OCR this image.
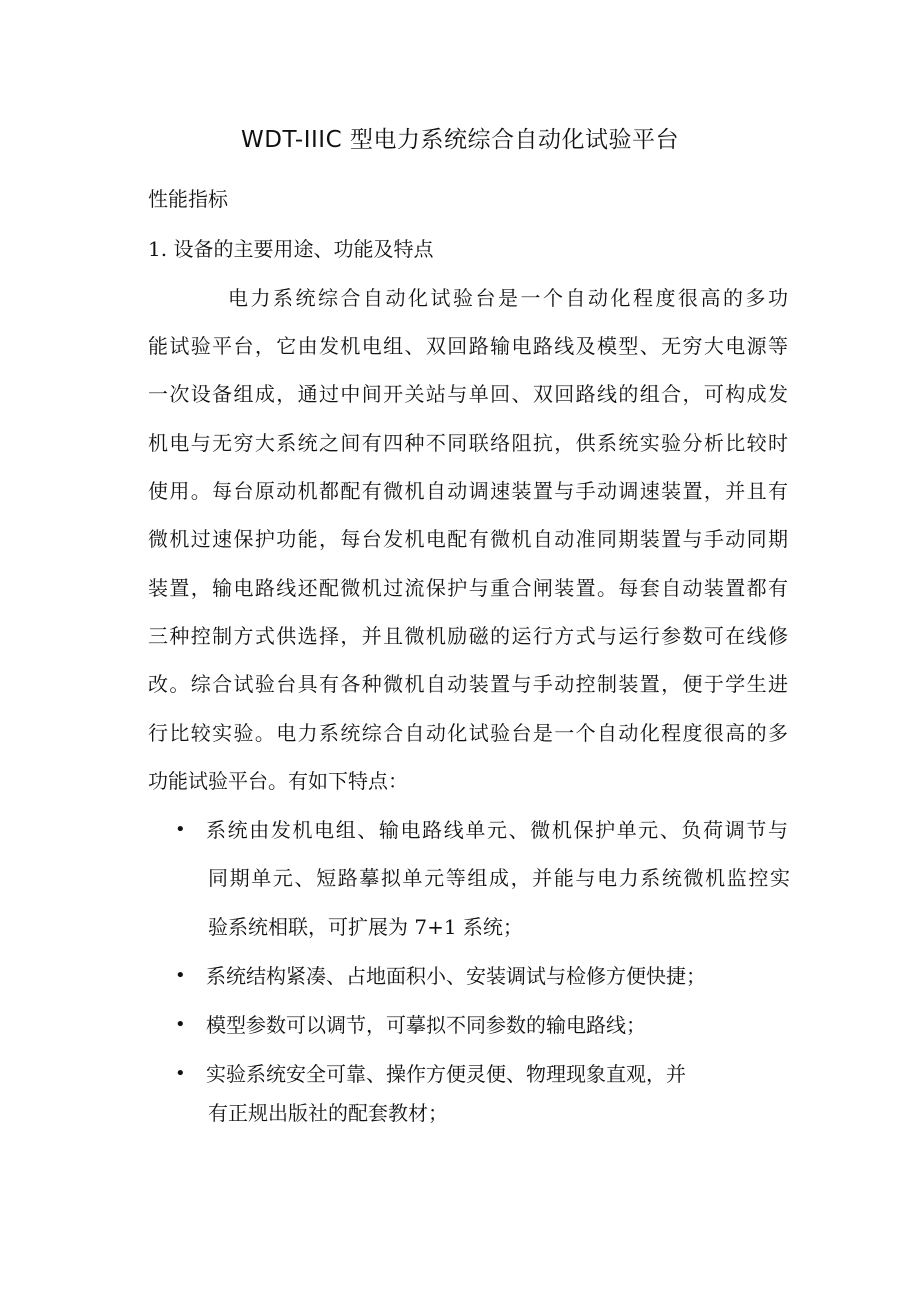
WDT-IIIC 型电力系统综合自动化试验平台
性能指标
1. 设备的主要用途、功能及特点
电力系统综合自动化试验台是一个自动化程度很高的多功
能试验平台，它由发机电组、双回路输电路线及模型、无穷大电源等
一次设备组成，通过中间开关站与单回、双回路线的组合，可构成发
机电与无穷大系统之间有四种不同联络阻抗，供系统实验分析比较时
使用。每台原动机都配有微机自动调速装置与手动调速装置，并且有
微机过速保护功能，每台发机电配有微机自动准同期装置与手动同期
装置，输电路线还配微机过流保护与重合闸装置。每套自动装置都有
三种控制方式供选择，并且微机励磁的运行方式与运行参数可在线修
改。综合试验台具有各种微机自动装置与手动控制装置，便于学生进
行比较实验。电力系统综合自动化试验台是一个自动化程度很高的多
功能试验平台。有如下特点：
• 系统由发机电组、输电路线单元、微机保护单元、负荷调节与
同期单元、短路摹拟单元等组成，并能与电力系统微机监控实
验系统相联，可扩展为 7+1 系统；
• 系统结构紧凑、占地面积小、安装调试与检修方便快捷；
• 模型参数可以调节，可摹拟不同参数的输电路线；
• 实验系统安全可靠、操作方便灵便、物理现象直观，并
有正规出版社的配套教材；
